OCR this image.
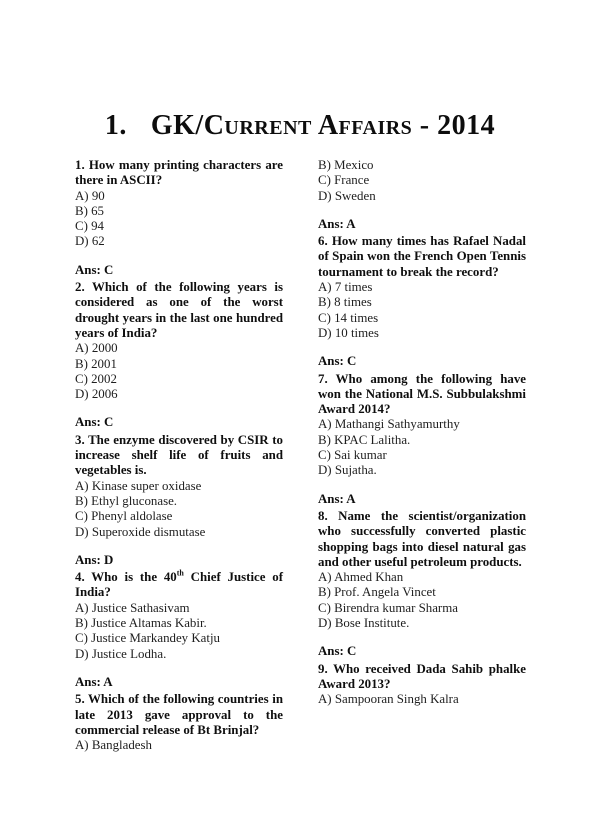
1. GK/Current Affairs - 2014

1. How many printing characters are there in ASCII?

A) 90
B) 65
C) 94
D) 62
Ans: C

2. Which of the following years is considered as one of the worst drought years in the last one hundred years of India?

A) 2000
B) 2001
C) 2002
D) 2006
Ans: C

3. The enzyme discovered by CSIR to increase shelf life of fruits and vegetables is.

A) Kinase super oxidase
B) Ethyl gluconase.
C) Phenyl aldolase
D) Superoxide dismutase
Ans: D

4. Who is the 40th Chief Justice of India?

A) Justice Sathasivam
B) Justice Altamas Kabir.
C) Justice Markandey Katju
D) Justice Lodha.
Ans: A

5. Which of the following countries in late 2013 gave approval to the commercial release of Bt Brinjal?

A) Bangladesh
B) Mexico
C) France
D) Sweden
Ans: A

6. How many times has Rafael Nadal of Spain won the French Open Tennis tournament to break the record?

A) 7 times
B) 8 times
C) 14 times
D) 10 times
Ans: C

7. Who among the following have won the National M.S. Subbulakshmi Award 2014?

A) Mathangi Sathyamurthy
B) KPAC Lalitha.
C) Sai kumar
D) Sujatha.
Ans: A

8. Name the scientist/organization who successfully converted plastic shopping bags into diesel natural gas and other useful petroleum products.

A) Ahmed Khan
B) Prof. Angela Vincet
C) Birendra kumar Sharma
D) Bose Institute.
Ans: C

9. Who received Dada Sahib phalke Award 2013?

A) Sampooran Singh Kalra
